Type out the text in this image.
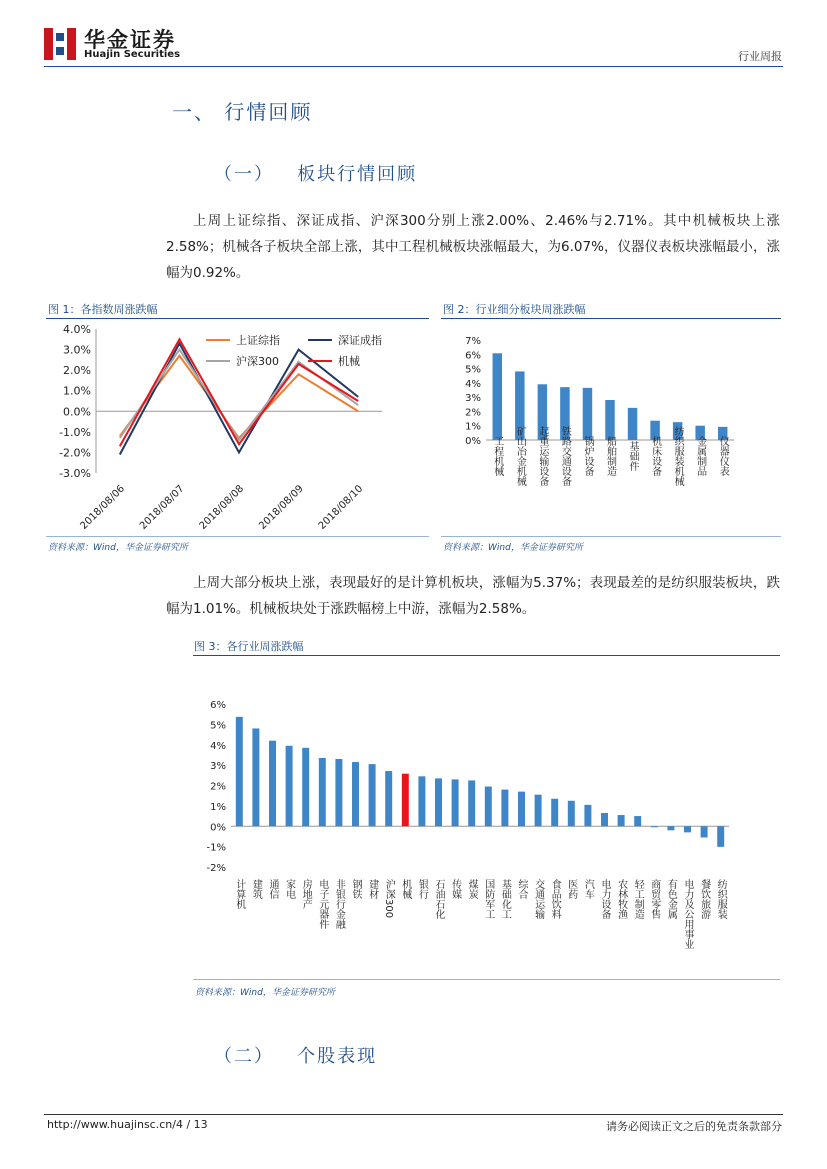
华金证券
Huajin Securities	行业周报
一、 行情回顾
（一）   板块行情回顾
上周上证综指、深证成指、沪深300分别上涨2.00%、2.46%与2.71%。其中机械板块上涨2.58%；机械各子板块全部上涨，其中工程机械板块涨幅最大，为6.07%，仪器仪表板块涨幅最小，涨幅为0.92%。
图 1：各指数周涨跌幅
4.0%
3.0%
2.0%
1.0%
0.0%
-1.0%
-2.0%
-3.0%
2018/08/06 2018/08/07 2018/08/08 2018/08/09 2018/08/10
上证综指	深证成指
沪深300	机械
资料来源：Wind，华金证券研究所
图 2：行业细分板块周涨跌幅
7%
6%
5%
4%
3%
2%
1%
0% 工程机械 矿山冶金机械 起重运输设备 铁路交通设备 锅炉设备 船舶制造 基础件 机床设备 纺织服装机械 金属制品 仪器仪表
资料来源：Wind，华金证券研究所
上周大部分板块上涨，表现最好的是计算机板块，涨幅为5.37%；表现最差的是纺织服装板块，跌幅为1.01%。机械板块处于涨跌幅榜上中游，涨幅为2.58%。
图 3：各行业周涨跌幅
6%
5%
4%
3%
2%
1%
0%
-1%
-2%
计算机 建筑 通信 家电 房地产 电子元器件 非银行金融 钢铁 建材 沪深300 机械 银行 石油石化 传媒 煤炭 国防军工 基础化工 综合 交通运输 食品饮料 医药 汽车 电力设备 农林牧渔 轻工制造 商贸零售 有色金属 电力及公用事业 餐饮旅游 纺织服装
资料来源：Wind，华金证券研究所
（二）   个股表现
http://www.huajinsc.cn/4 / 13	请务必阅读正文之后的免责条款部分
